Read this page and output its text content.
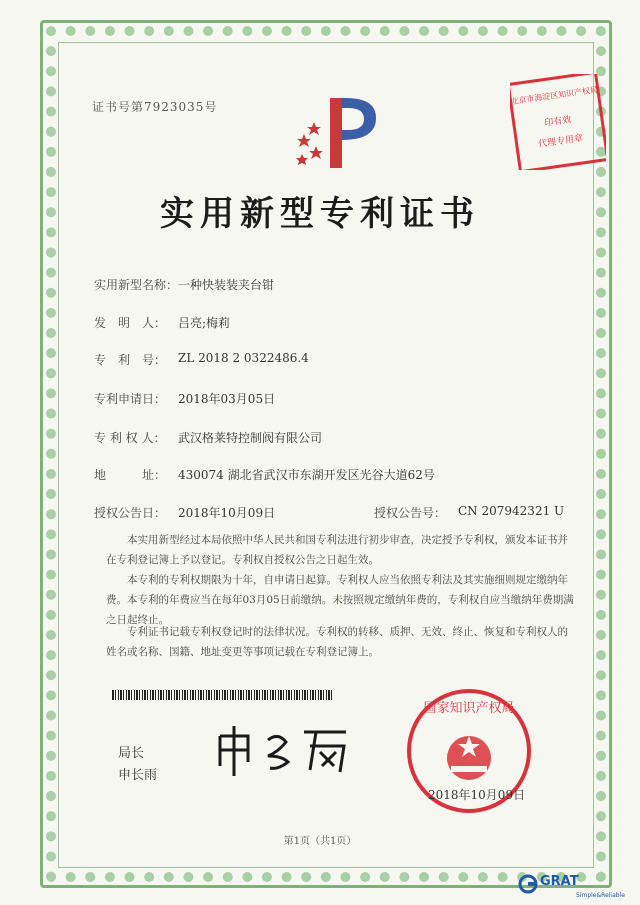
证书号第7923035号
北京市海淀区知识产权局
印有效
代理专用章
实用新型专利证书
实用新型名称： 一种快装装夹台钳
发　明　人： 吕亮;梅莉
专　利　号： ZL 2018 2 0322486.4
专利申请日： 2018年03月05日
专 利 权 人：	武汉格莱特控制阀有限公司
地　　　址： 430074 湖北省武汉市东湖开发区光谷大道62号
授权公告日： 2018年10月09日	授权公告号： CN 207942321 U
本实用新型经过本局依照中华人民共和国专利法进行初步审查，决定授予专利权，颁发本证书并在专利登记簿上予以登记。专利权自授权公告之日起生效。
本专利的专利权期限为十年，自申请日起算。专利权人应当依照专利法及其实施细则规定缴纳年费。本专利的年费应当在每年03月05日前缴纳。未按照规定缴纳年费的，专利权自应当缴纳年费期满之日起终止。
专利证书记载专利权登记时的法律状况。专利权的转移、质押、无效、终止、恢复和专利权人的姓名或名称、国籍、地址变更等事项记载在专利登记簿上。
局长
申长雨
国家知识产权局
2018年10月09日
第1页（共1页）
GRAT
Simple&Reliable
